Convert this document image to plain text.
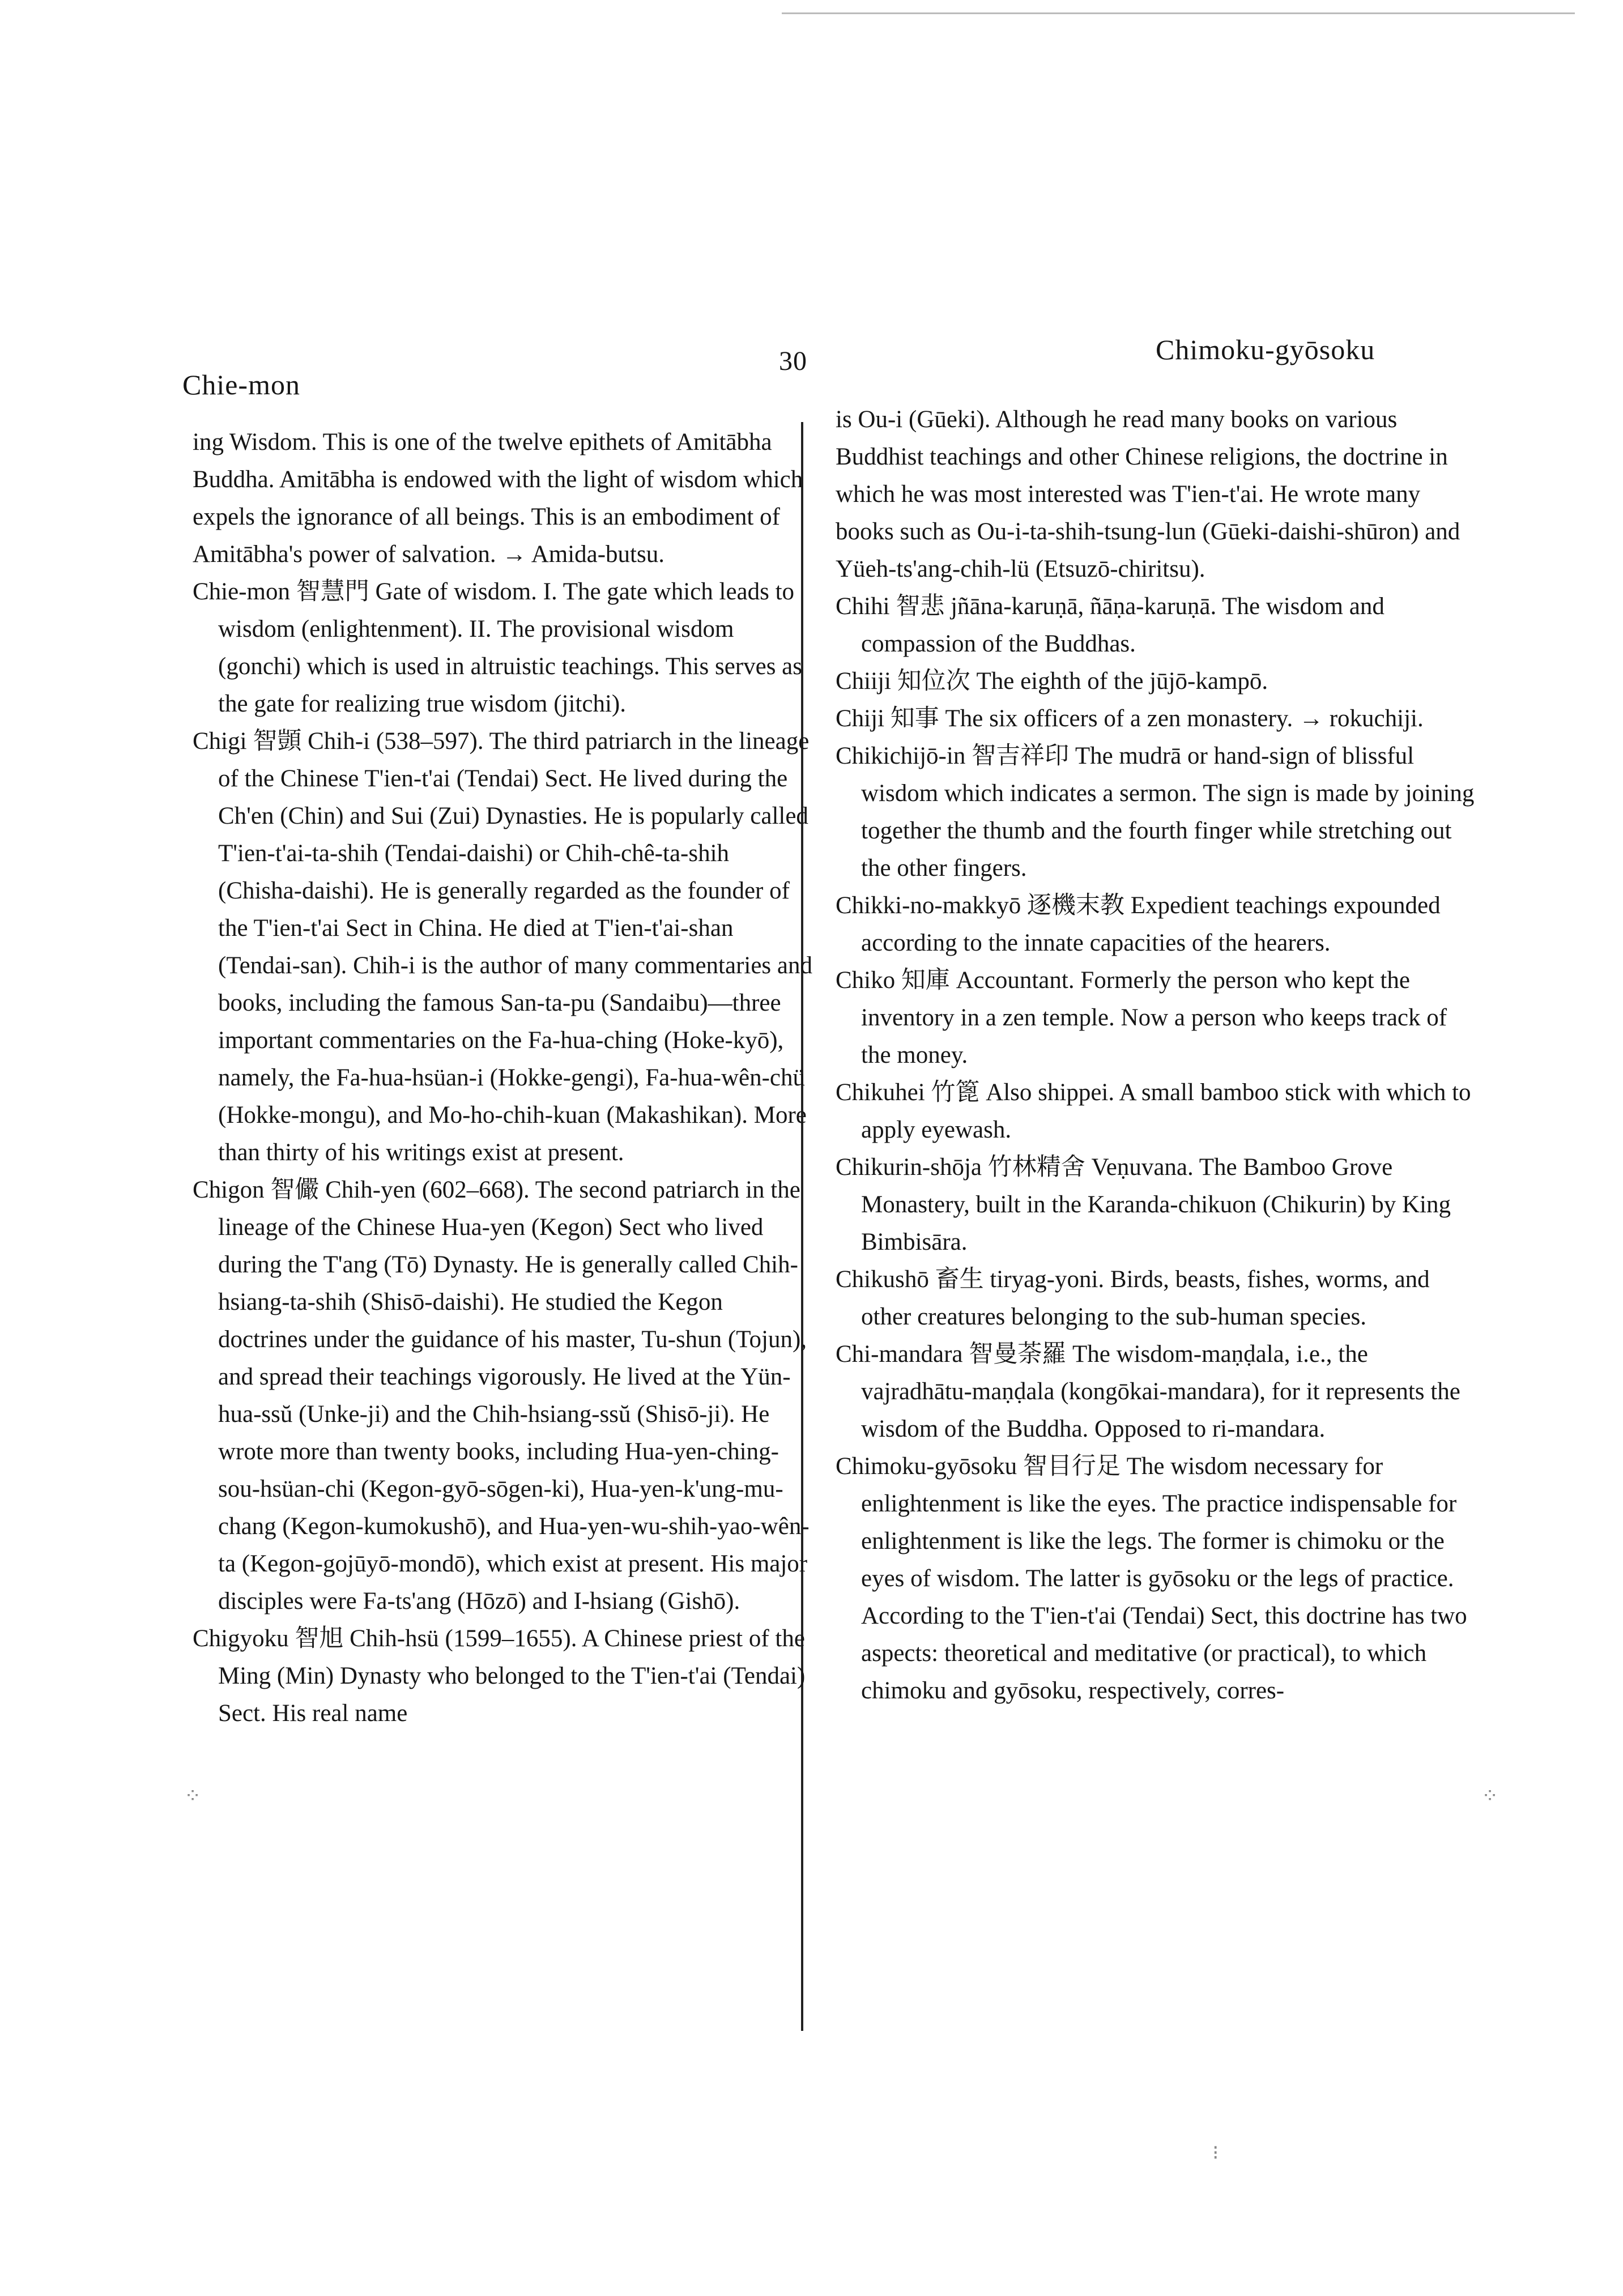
Chie-mon

30	Chimoku-gyōsoku

ing Wisdom. This is one of the twelve epithets of Amitābha Buddha. Amitābha is endowed with the light of wisdom which expels the ignorance of all beings. This is an embodiment of Amitābha's power of salvation. → Amida-butsu.

Chie-mon 智慧門 Gate of wisdom. I. The gate which leads to wisdom (enlightenment). II. The provisional wisdom (gonchi) which is used in altruistic teachings. This serves as the gate for realizing true wisdom (jitchi).

Chigi 智顗 Chih-i (538–597). The third patriarch in the lineage of the Chinese T'ien-t'ai (Tendai) Sect. He lived during the Ch'en (Chin) and Sui (Zui) Dynasties. He is popularly called T'ien-t'ai-ta-shih (Tendai-daishi) or Chih-chê-ta-shih (Chisha-daishi). He is generally regarded as the founder of the T'ien-t'ai Sect in China. He died at T'ien-t'ai-shan (Tendai-san). Chih-i is the author of many commentaries and books, including the famous San-ta-pu (Sandaibu)—three important commentaries on the Fa-hua-ching (Hoke-kyō), namely, the Fa-hua-hsüan-i (Hokke-gengi), Fa-hua-wên-chü (Hokke-mongu), and Mo-ho-chih-kuan (Makashikan). More than thirty of his writings exist at present.

Chigon 智儼 Chih-yen (602–668). The second patriarch in the lineage of the Chinese Hua-yen (Kegon) Sect who lived during the T'ang (Tō) Dynasty. He is generally called Chih-hsiang-ta-shih (Shisō-daishi). He studied the Kegon doctrines under the guidance of his master, Tu-shun (Tojun), and spread their teachings vigorously. He lived at the Yün-hua-ssŭ (Unke-ji) and the Chih-hsiang-ssŭ (Shisō-ji). He wrote more than twenty books, including Hua-yen-ching-sou-hsüan-chi (Kegon-gyō-sōgen-ki), Hua-yen-k'ung-mu-chang (Kegon-kumokushō), and Hua-yen-wu-shih-yao-wên-ta (Kegon-gojūyō-mondō), which exist at present. His major disciples were Fa-ts'ang (Hōzō) and I-hsiang (Gishō).

Chigyoku 智旭 Chih-hsü (1599–1655). A Chinese priest of the Ming (Min) Dynasty who belonged to the T'ien-t'ai (Tendai) Sect. His real name

is Ou-i (Gūeki). Although he read many books on various Buddhist teachings and other Chinese religions, the doctrine in which he was most interested was T'ien-t'ai. He wrote many books such as Ou-i-ta-shih-tsung-lun (Gūeki-daishi-shūron) and Yüeh-ts'ang-chih-lü (Etsuzō-chiritsu).

Chihi 智悲 jñāna-karuṇā, ñāṇa-karuṇā. The wisdom and compassion of the Buddhas.

Chiiji 知位次 The eighth of the jūjō-kampō.

Chiji 知事 The six officers of a zen monastery. → rokuchiji.

Chikichijō-in 智吉祥印 The mudrā or hand-sign of blissful wisdom which indicates a sermon. The sign is made by joining together the thumb and the fourth finger while stretching out the other fingers.

Chikki-no-makkyō 逐機末教 Expedient teachings expounded according to the innate capacities of the hearers.

Chiko 知庫 Accountant. Formerly the person who kept the inventory in a zen temple. Now a person who keeps track of the money.

Chikuhei 竹篦 Also shippei. A small bamboo stick with which to apply eyewash.

Chikurin-shōja 竹林精舍 Veṇuvana. The Bamboo Grove Monastery, built in the Karanda-chikuon (Chikurin) by King Bimbisāra.

Chikushō 畜生 tiryag-yoni. Birds, beasts, fishes, worms, and other creatures belonging to the sub-human species.

Chi-mandara 智曼荼羅 The wisdom-maṇḍala, i.e., the vajradhātu-maṇḍala (kongōkai-mandara), for it represents the wisdom of the Buddha. Opposed to ri-mandara.

Chimoku-gyōsoku 智目行足 The wisdom necessary for enlightenment is like the eyes. The practice indispensable for enlightenment is like the legs. The former is chimoku or the eyes of wisdom. The latter is gyōsoku or the legs of practice. According to the T'ien-t'ai (Tendai) Sect, this doctrine has two aspects: theoretical and meditative (or practical), to which chimoku and gyōsoku, respectively, corres-

⁘	⁘
⁝
